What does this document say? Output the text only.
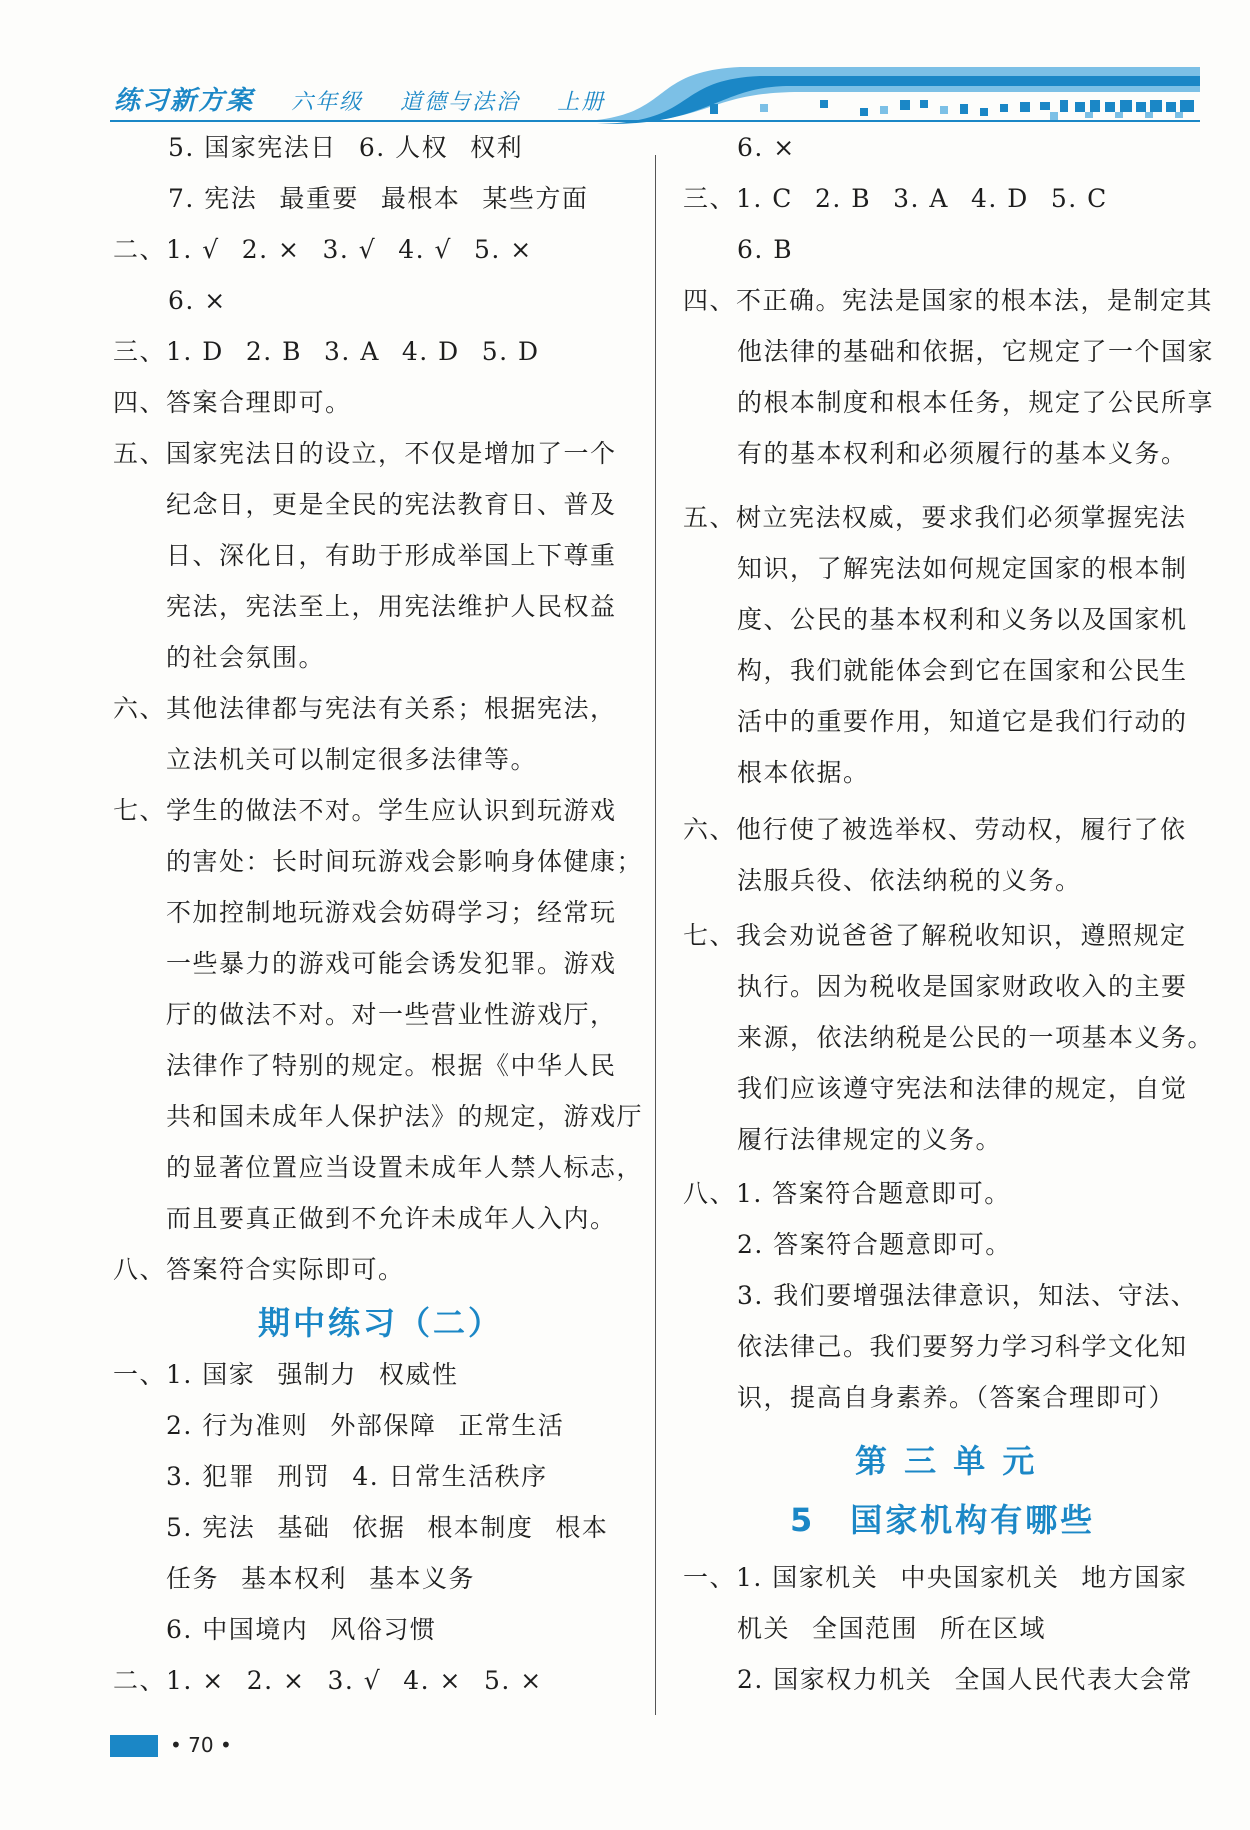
练习新方案 六年级 道德与法治 上册
5. 国家宪法日 6. 人权 权利
7. 宪法 最重要 最根本 某些方面
二、1. √ 2. × 3. √ 4. √ 5. ×
6. ×
三、1. D 2. B 3. A 4. D 5. D
四、答案合理即可。
五、国家宪法日的设立，不仅是增加了一个
纪念日，更是全民的宪法教育日、普及
日、深化日，有助于形成举国上下尊重
宪法，宪法至上，用宪法维护人民权益
的社会氛围。
六、其他法律都与宪法有关系；根据宪法，
立法机关可以制定很多法律等。
七、学生的做法不对。学生应认识到玩游戏
的害处：长时间玩游戏会影响身体健康；
不加控制地玩游戏会妨碍学习；经常玩
一些暴力的游戏可能会诱发犯罪。游戏
厅的做法不对。对一些营业性游戏厅，
法律作了特别的规定。根据《中华人民
共和国未成年人保护法》的规定，游戏厅
的显著位置应当设置未成年人禁人标志，
而且要真正做到不允许未成年人入内。
八、答案符合实际即可。
一、1. 国家 强制力 权威性
2. 行为准则 外部保障 正常生活
3. 犯罪 刑罚 4. 日常生活秩序
5. 宪法 基础 依据 根本制度 根本
任务 基本权利 基本义务
6. 中国境内 风俗习惯
二、1. × 2. × 3. √ 4. × 5. ×
期中练习（二）
6. ×
三、1. C 2. B 3. A 4. D 5. C
6. B
四、不正确。宪法是国家的根本法，是制定其
他法律的基础和依据，它规定了一个国家
的根本制度和根本任务，规定了公民所享
有的基本权利和必须履行的基本义务。
五、树立宪法权威，要求我们必须掌握宪法
知识，了解宪法如何规定国家的根本制
度、公民的基本权利和义务以及国家机
构，我们就能体会到它在国家和公民生
活中的重要作用，知道它是我们行动的
根本依据。
六、他行使了被选举权、劳动权，履行了依
法服兵役、依法纳税的义务。
七、我会劝说爸爸了解税收知识，遵照规定
执行。因为税收是国家财政收入的主要
来源，依法纳税是公民的一项基本义务。
我们应该遵守宪法和法律的规定，自觉
履行法律规定的义务。
八、1. 答案符合题意即可。
2. 答案符合题意即可。
3. 我们要增强法律意识，知法、守法、
依法律己。我们要努力学习科学文化知
识，提高自身素养。（答案合理即可）
一、1. 国家机关 中央国家机关 地方国家
机关 全国范围 所在区域
2. 国家权力机关 全国人民代表大会常
第 三 单 元
5　国家机构有哪些
• 70 •
